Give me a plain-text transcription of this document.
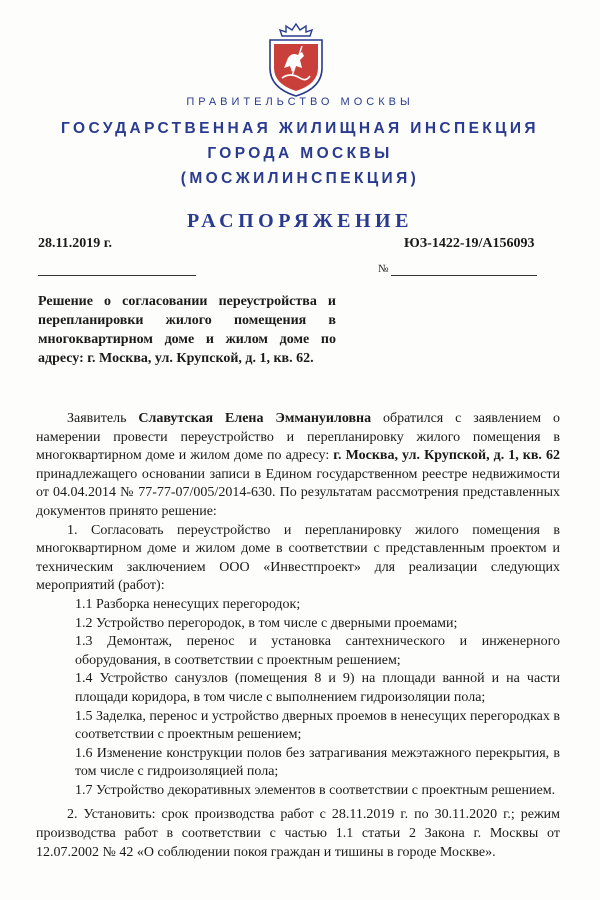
ПРАВИТЕЛЬСТВО МОСКВЫ
ГОСУДАРСТВЕННАЯ ЖИЛИЩНАЯ ИНСПЕКЦИЯ
ГОРОДА МОСКВЫ
(МОСЖИЛИНСПЕКЦИЯ)
РАСПОРЯЖЕНИЕ
28.11.2019 г.	ЮЗ-1422-19/А156093
№
Решение о согласовании переустройства и перепланировки жилого помещения в многоквартирном доме и жилом доме по адресу: г. Москва, ул. Крупской, д. 1, кв. 62.

Заявитель Славутская Елена Эммануиловна обратился с заявлением о намерении провести переустройство и перепланировку жилого помещения в многоквартирном доме и жилом доме по адресу: г. Москва, ул. Крупской, д. 1, кв. 62 принадлежащего основании записи в Едином государственном реестре недвижимости от 04.04.2014 № 77-77-07/005/2014-630. По результатам рассмотрения представленных документов принято решение:

1. Согласовать переустройство и перепланировку жилого помещения в многоквартирном доме и жилом доме в соответствии с представленным проектом и техническим заключением ООО «Инвестпроект» для реализации следующих мероприятий (работ):

1.1 Разборка ненесущих перегородок;

1.2 Устройство перегородок, в том числе с дверными проемами;

1.3 Демонтаж, перенос и установка сантехнического и инженерного оборудования, в соответствии с проектным решением;

1.4 Устройство санузлов (помещения 8 и 9) на площади ванной и на части площади коридора, в том числе с выполнением гидроизоляции пола;

1.5 Заделка, перенос и устройство дверных проемов в ненесущих перегородках в соответствии с проектным решением;

1.6 Изменение конструкции полов без затрагивания межэтажного перекрытия, в том числе с гидроизоляцией пола;

1.7 Устройство декоративных элементов в соответствии с проектным решением.

2. Установить: срок производства работ с 28.11.2019 г. по 30.11.2020 г.; режим производства работ в соответствии с частью 1.1 статьи 2 Закона г. Москвы от 12.07.2002 № 42 «О соблюдении покоя граждан и тишины в городе Москве».
